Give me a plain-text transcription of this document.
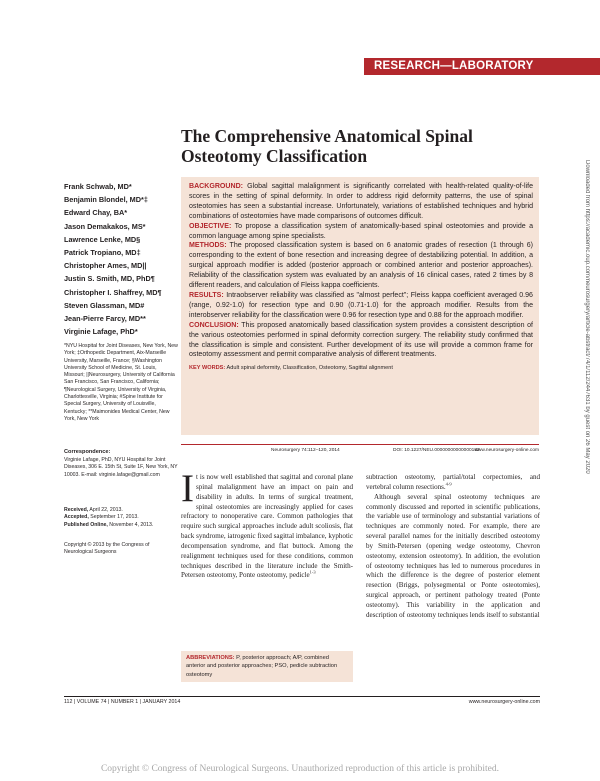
RESEARCH—LABORATORY
The Comprehensive Anatomical Spinal Osteotomy Classification
Frank Schwab, MD*
Benjamin Blondel, MD*‡
Edward Chay, BA*
Jason Demakakos, MS*
Lawrence Lenke, MD§
Patrick Tropiano, MD‡
Christopher Ames, MD||
Justin S. Smith, MD, PhD¶
Christopher I. Shaffrey, MD¶
Steven Glassman, MD#
Jean-Pierre Farcy, MD**
Virginie Lafage, PhD*
*NYU Hospital for Joint Diseases, New York, New York; ‡Orthopedic Department, Aix-Marseille University, Marseille, France; §Washington University School of Medicine, St. Louis, Missouri; ||Neurosurgery, University of California San Francisco, San Francisco, California; ¶Neurological Surgery, University of Virginia, Charlottesville, Virginia; #Spine Institute for Special Surgery, University of Louisville, Kentucky; **Maimonides Medical Center, New York, New York
Correspondence:
Virginie Lafage, PhD, NYU Hospital for Joint Diseases, 306 E. 15th St, Suite 1F, New York, NY 10003. E-mail: virginie.lafage@gmail.com
Received, April 22, 2013.
Accepted, September 17, 2013.
Published Online, November 4, 2013.
Copyright © 2013 by the Congress of Neurological Surgeons

BACKGROUND: Global sagittal malalignment is significantly correlated with health-related quality-of-life scores in the setting of spinal deformity. In order to address rigid deformity patterns, the use of spinal osteotomies has seen a substantial increase. Unfortunately, variations of established techniques and hybrid combinations of osteotomies have made comparisons of outcomes difficult.

OBJECTIVE: To propose a classification system of anatomically-based spinal osteotomies and provide a common language among spine specialists.

METHODS: The proposed classification system is based on 6 anatomic grades of resection (1 through 6) corresponding to the extent of bone resection and increasing degree of destabilizing potential. In addition, a surgical approach modifier is added (posterior approach or combined anterior and posterior approaches). Reliability of the classification system was evaluated by an analysis of 16 clinical cases, rated 2 times by 8 different readers, and calculation of Fleiss kappa coefficients.

RESULTS: Intraobserver reliability was classified as "almost perfect"; Fleiss kappa coefficient averaged 0.96 (range, 0.92-1.0) for resection type and 0.90 (0.71-1.0) for the approach modifier. Results from the interobserver reliability for the classification were 0.96 for resection type and 0.88 for the approach modifier.

CONCLUSION: This proposed anatomically based classification system provides a consistent description of the various osteotomies performed in spinal deformity correction surgery. The reliability study confirmed that the classification is simple and consistent. Further development of its use will provide a common frame for osteotomy assessment and permit comparative analysis of different treatments.

KEY WORDS: Adult spinal deformity, Classification, Osteotomy, Sagittal alignment

Neurosurgery 74:112–120, 2014	DOI: 10.1227/NEU.00000000000000182
www.neurosurgery-online.com
It is now well established that sagittal and coronal plane spinal malalignment have an impact on pain and disability in adults. In terms of surgical treatment, spinal osteotomies are increasingly applied for cases refractory to nonoperative care. Common pathologies that require such surgical approaches include adult scoliosis, flat back syndrome, iatrogenic fixed sagittal imbalance, kyphotic decompensation syndrome, and flat buttock. Among the realignment techniques used for these conditions, common techniques described in the literature include the Smith-Petersen osteotomy, Ponte osteotomy, pedicle$^{1-3}$
ABBREVIATIONS: P, posterior approach; A/P, combined anterior and posterior approaches; PSO, pedicle subtraction osteotomy

subtraction osteotomy, partial/total corpectomies, and vertebral column resections.$^{4-9}$

Although several spinal osteotomy techniques are commonly discussed and reported in scientific publications, the variable use of terminology and substantial variations of techniques are commonly noted. For example, there are several parallel names for the initially described osteotomy by Smith-Petersen (opening wedge osteotomy, Chevron osteotomy, extension osteotomy). In addition, the evolution of osteotomy techniques has led to numerous procedures in which the difference is the degree of posterior element resection (Briggs, polysegmental or Ponte osteotomies), surgical approach, or pertinent pathology treated (Ponte osteotomy). This variability in the application and description of osteotomy techniques lends itself to substantial

112 | VOLUME 74 | NUMBER 1 | JANUARY 2014	www.neurosurgery-online.com
Downloaded from https://academic.oup.com/neurosurgery/article-abstract/74/1/112/2447631 by guest on 26 May 2020
Copyright © Congress of Neurological Surgeons. Unauthorized reproduction of this article is prohibited.
